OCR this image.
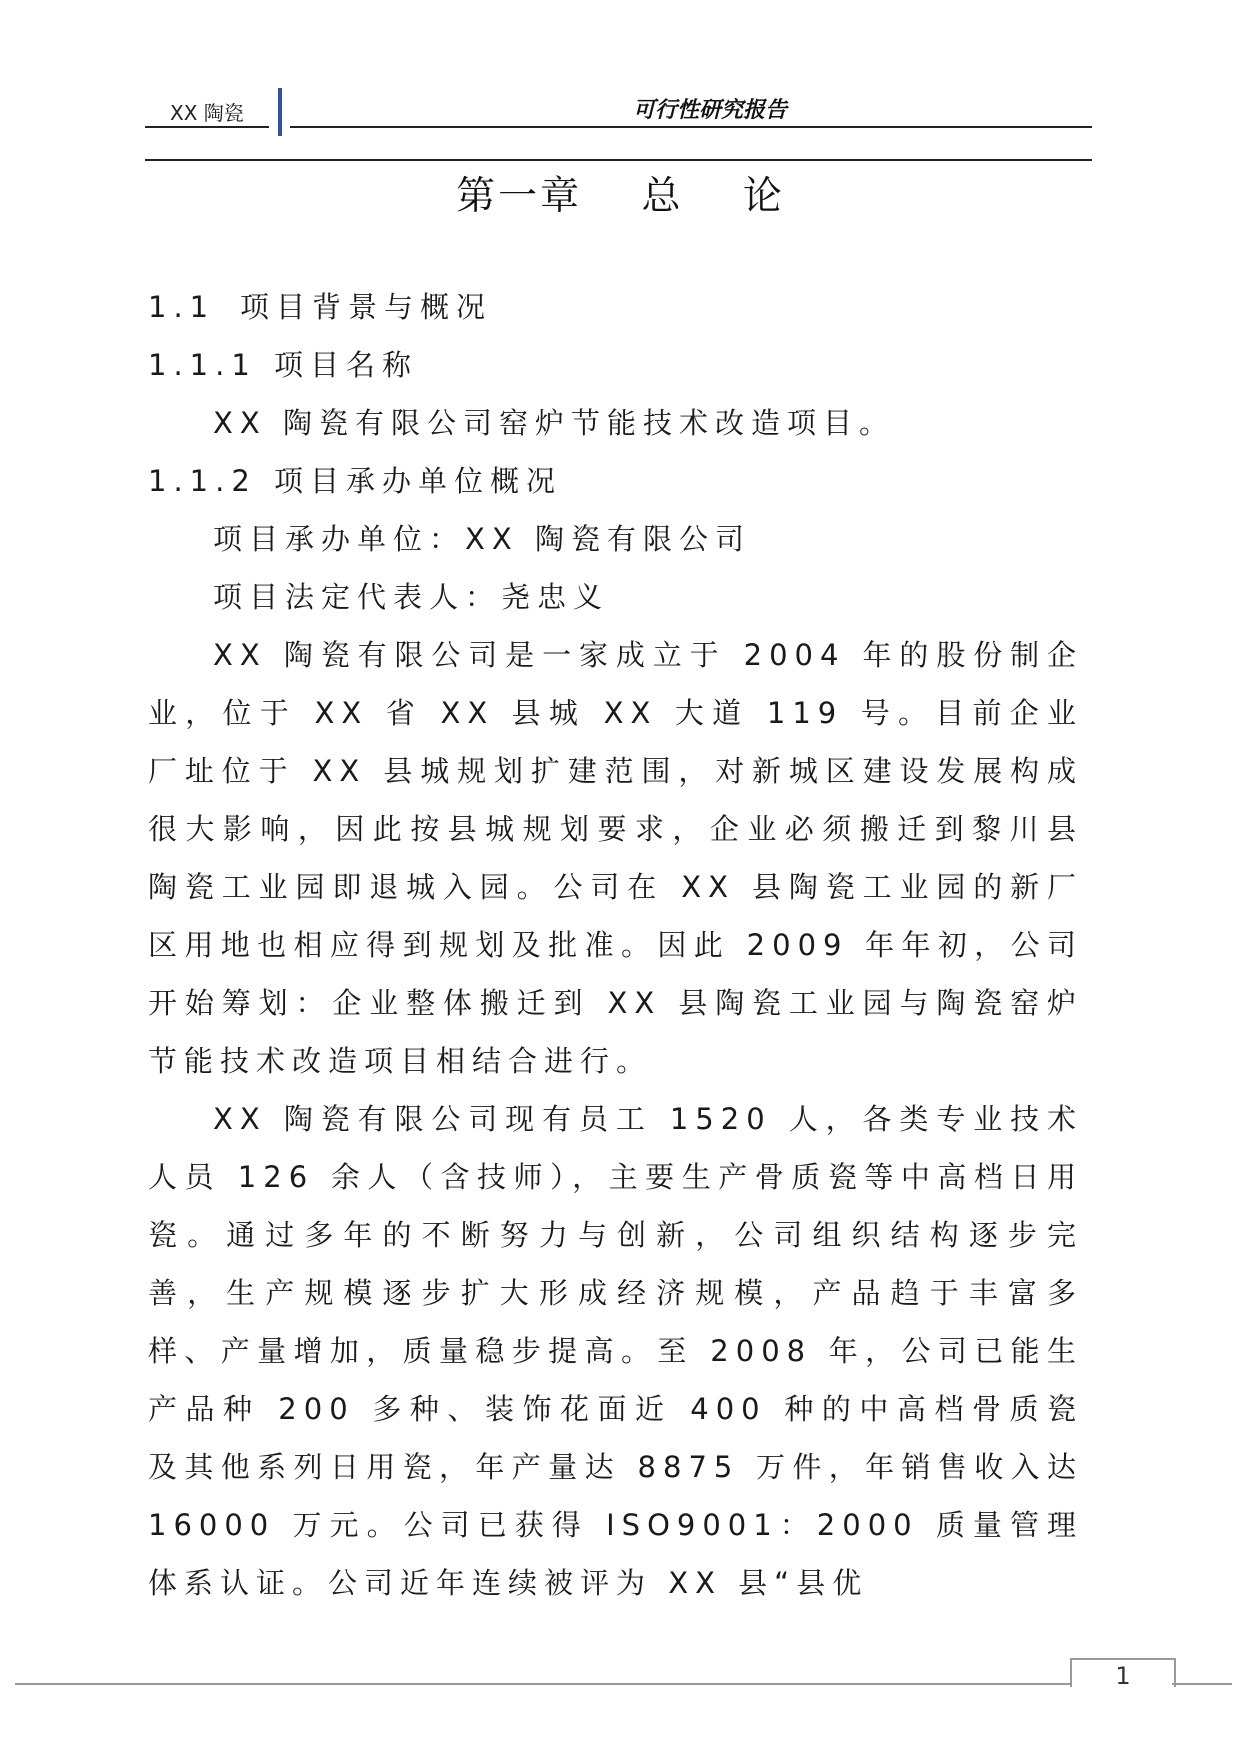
XX 陶瓷	可行性研究报告
第一章 总 论
1.1 项目背景与概况
1.1.1 项目名称
XX 陶瓷有限公司窑炉节能技术改造项目。
1.1.2 项目承办单位概况
项目承办单位：XX 陶瓷有限公司
项目法定代表人：尧忠义

XX 陶瓷有限公司是一家成立于 2004 年的股份制企业，位于 XX 省 XX 县城 XX 大道 119 号。目前企业厂址位于 XX 县城规划扩建范围，对新城区建设发展构成很大影响，因此按县城规划要求，企业必须搬迁到黎川县陶瓷工业园即退城入园。公司在 XX 县陶瓷工业园的新厂区用地也相应得到规划及批准。因此 2009 年年初，公司开始筹划：企业整体搬迁到 XX 县陶瓷工业园与陶瓷窑炉节能技术改造项目相结合进行。

XX 陶瓷有限公司现有员工 1520 人，各类专业技术人员 126 余人（含技师），主要生产骨质瓷等中高档日用瓷。通过多年的不断努力与创新，公司组织结构逐步完善，生产规模逐步扩大形成经济规模，产品趋于丰富多样、产量增加，质量稳步提高。至 2008 年，公司已能生产品种 200 多种、装饰花面近 400 种的中高档骨质瓷及其他系列日用瓷，年产量达 8875 万件，年销售收入达 16000 万元。公司已获得 ISO9001：2000 质量管理体系认证。公司近年连续被评为 XX 县“县优

1
